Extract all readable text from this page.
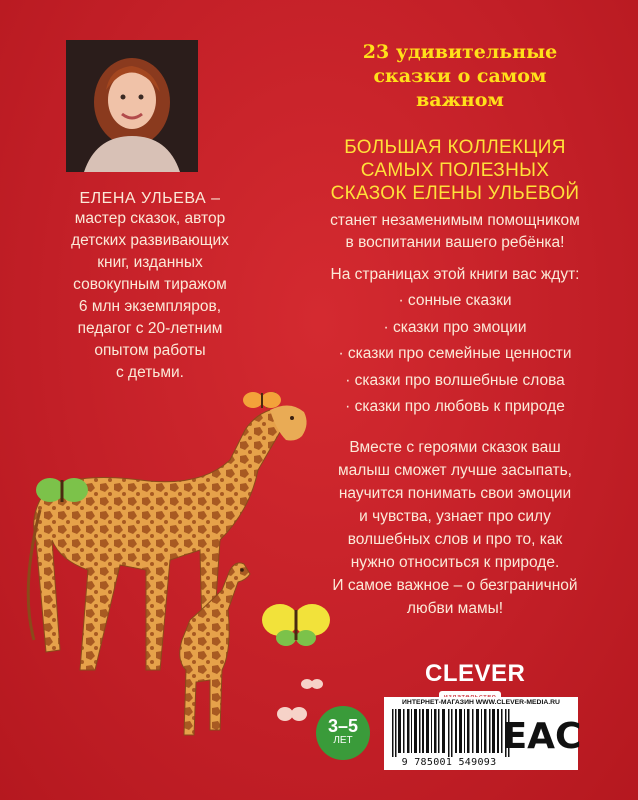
ЕЛЕНА УЛЬЕВА –
мастер сказок, автор
детских развивающих
книг, изданных
совокупным тиражом
6 млн экземпляров,
педагог с 20-летним
опытом работы
с детьми.
23 удивительные
сказки о самом
важном
БОЛЬШАЯ КОЛЛЕКЦИЯ
САМЫХ ПОЛЕЗНЫХ
СКАЗОК ЕЛЕНЫ УЛЬЕВОЙ
станет незаменимым помощником
в воспитании вашего ребёнка!
На страницах этой книги вас ждут:
· сонные сказки
· сказки про эмоции
· сказки про семейные ценности
· сказки про волшебные слова
· сказки про любовь к природе
Вместе с героями сказок ваш
малыш сможет лучше засыпать,
научится понимать свои эмоции
и чувства, узнает про силу
волшебных слов и про то, как
нужно относиться к природе.
И самое важное – о безграничной
любви мамы!
3–5
ЛЕТ
CLEVER
ИНТЕРНЕТ-МАГАЗИН WWW.CLEVER-MEDIA.RU
9 785001 549093
EAC
